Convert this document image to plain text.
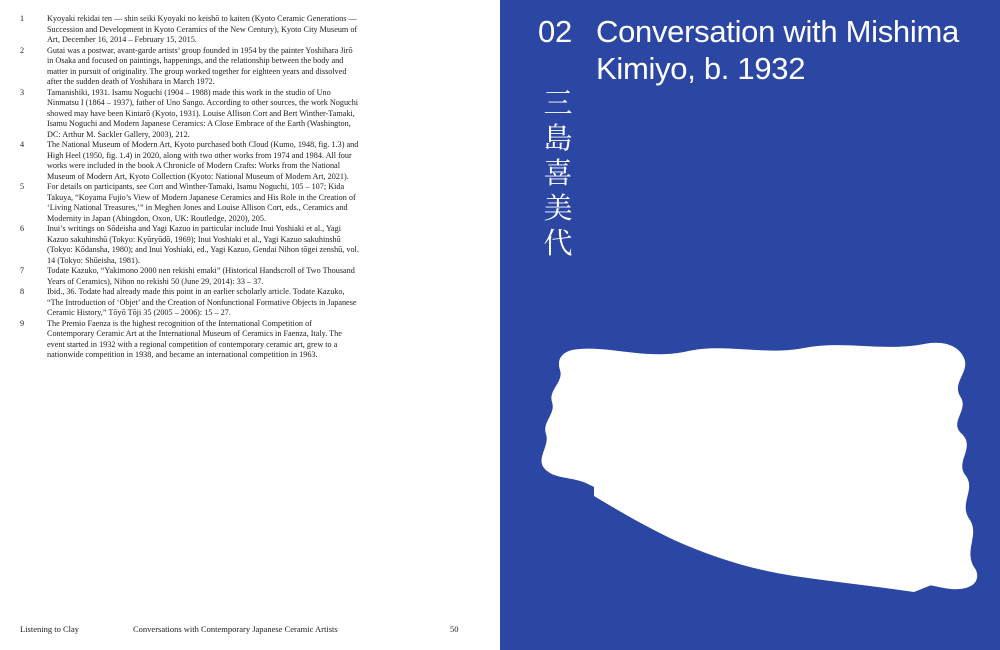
1	Kyoyaki rekidai ten — shin seiki Kyoyaki no keishō to kaiten (Kyoto Ceramic Generations — Succession and Development in Kyoto Ceramics of the New Century), Kyoto City Museum of Art, December 16, 2014 – February 15, 2015.

2	Gutai was a postwar, avant-garde artists’ group founded in 1954 by the painter Yoshihara Jirō in Osaka and focused on paintings, happenings, and the relationship between the body and matter in pursuit of originality. The group worked together for eighteen years and dissolved after the sudden death of Yoshihara in March 1972.

3	Tamanishiki, 1931. Isamu Noguchi (1904 – 1988) made this work in the studio of Uno Ninmatsu I (1864 – 1937), father of Uno Sango. According to other sources, the work Noguchi showed may have been Kintarō (Kyoto, 1931). Louise Allison Cort and Bert Winther-Tamaki, Isamu Noguchi and Modern Japanese Ceramics: A Close Embrace of the Earth (Washington, DC: Arthur M. Sackler Gallery, 2003), 212.

4	The National Museum of Modern Art, Kyoto purchased both Cloud (Kumo, 1948, fig. 1.3) and High Heel (1950, fig. 1.4) in 2020, along with two other works from 1974 and 1984. All four works were included in the book A Chronicle of Modern Crafts: Works from the National Museum of Modern Art, Kyoto Collection (Kyoto: National Museum of Modern Art, 2021).

5	For details on participants, see Cort and Winther-Tamaki, Isamu Noguchi, 105 – 107; Kida Takuya, “Koyama Fujio’s View of Modern Japanese Ceramics and His Role in the Creation of ‘Living National Treasures,’” in Meghen Jones and Louise Allison Cort, eds., Ceramics and Modernity in Japan (Abingdon, Oxon, UK: Routledge, 2020), 205.

6	Inui’s writings on Sōdeisha and Yagi Kazuo in particular include Inui Yoshiaki et al., Yagi Kazuo sakuhinshū (Tokyo: Kyūryūdō, 1969); Inui Yoshiaki et al., Yagi Kazuo sakuhinshū (Tokyo: Kōdansha, 1980); and Inui Yoshiaki, ed., Yagi Kazuo, Gendai Nihon tōgei zenshū, vol. 14 (Tokyo: Shūeisha, 1981).

7	Todate Kazuko, “Yakimono 2000 nen rekishi emaki” (Historical Handscroll of Two Thousand Years of Ceramics), Nihon no rekishi 50 (June 29, 2014): 33 – 37.

8	Ibid., 36. Todate had already made this point in an earlier scholarly article. Todate Kazuko, “The Introduction of ‘Objet’ and the Creation of Nonfunctional Formative Objects in Japanese Ceramic History,” Tōyō Tōji 35 (2005 – 2006): 15 – 27.

9	The Premio Faenza is the highest recognition of the International Competition of Contemporary Ceramic Art at the International Museum of Ceramics in Faenza, Italy. The event started in 1932 with a regional competition of contemporary ceramic art, grew to a nationwide competition in 1938, and became an international competition in 1963.

Listening to Clay	Conversations with Contemporary Japanese Ceramic Artists	50
02 Conversation with Mishima Kimiyo, b. 1932
三島喜美代
